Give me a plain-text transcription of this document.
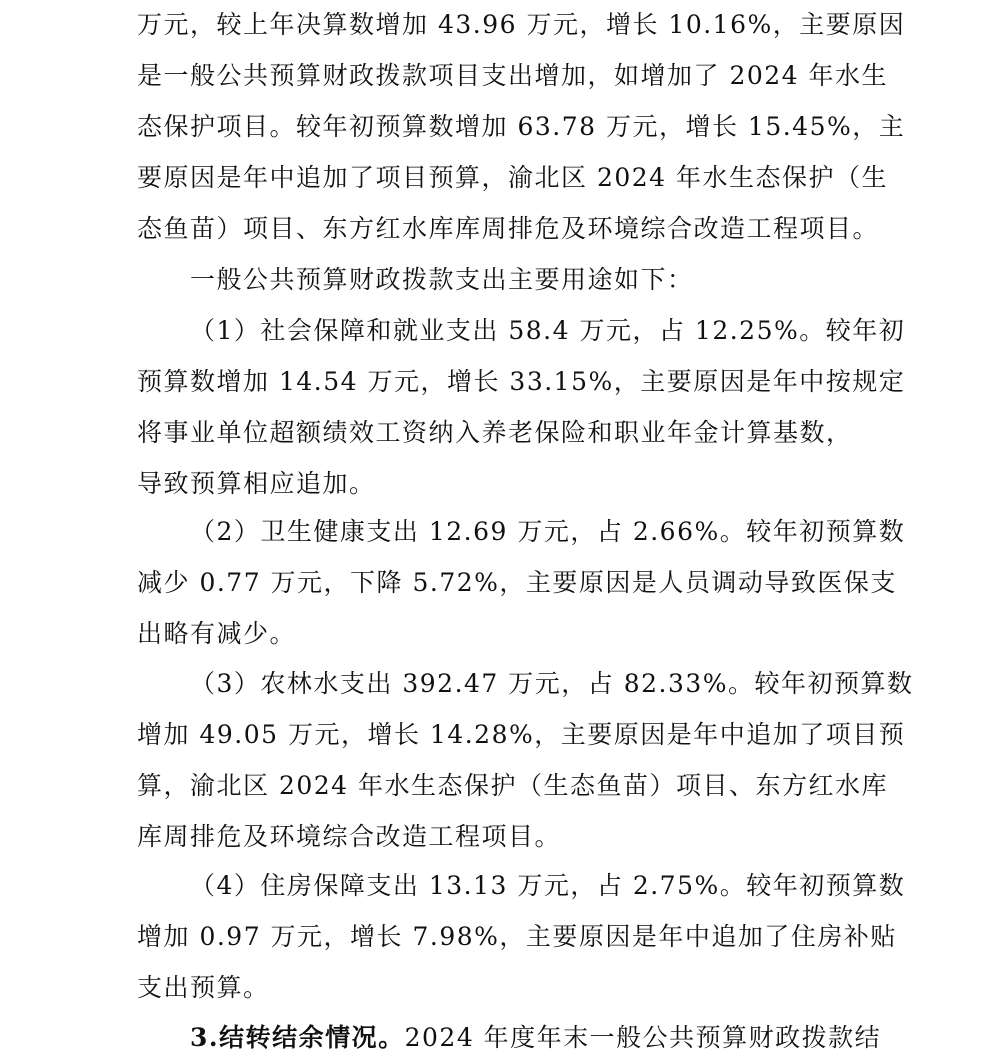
万元，较上年决算数增加 43.96 万元，增长 10.16%，主要原因
是一般公共预算财政拨款项目支出增加，如增加了 2024 年水生
态保护项目。较年初预算数增加 63.78 万元，增长 15.45%，主
要原因是年中追加了项目预算，渝北区 2024 年水生态保护（生
态鱼苗）项目、东方红水库库周排危及环境综合改造工程项目。
一般公共预算财政拨款支出主要用途如下：
（1）社会保障和就业支出 58.4 万元，占 12.25%。较年初
预算数增加 14.54 万元，增长 33.15%，主要原因是年中按规定
将事业单位超额绩效工资纳入养老保险和职业年金计算基数，
导致预算相应追加。
（2）卫生健康支出 12.69 万元，占 2.66%。较年初预算数
减少 0.77 万元，下降 5.72%，主要原因是人员调动导致医保支
出略有减少。
（3）农林水支出 392.47 万元，占 82.33%。较年初预算数
增加 49.05 万元，增长 14.28%，主要原因是年中追加了项目预
算，渝北区 2024 年水生态保护（生态鱼苗）项目、东方红水库
库周排危及环境综合改造工程项目。
（4）住房保障支出 13.13 万元，占 2.75%。较年初预算数
增加 0.97 万元，增长 7.98%，主要原因是年中追加了住房补贴
支出预算。
3.结转结余情况。2024 年度年末一般公共预算财政拨款结
